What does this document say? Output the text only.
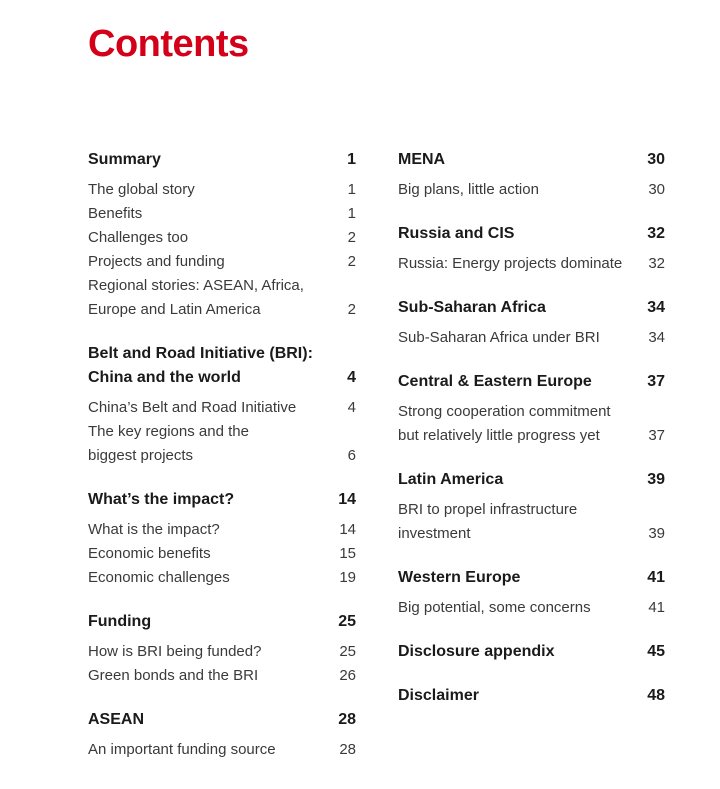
Contents
Summary	1
The global story	1
Benefits	1
Challenges too	2
Projects and funding	2
Regional stories: ASEAN, Africa,
Europe and Latin America	2
Belt and Road Initiative (BRI):
China and the world	4
China’s Belt and Road Initiative	4
The key regions and the
biggest projects	6
What’s the impact?	14
What is the impact?	14
Economic benefits	15
Economic challenges	19
Funding	25
How is BRI being funded?	25
Green bonds and the BRI	26
ASEAN	28
An important funding source	28
MENA	30
Big plans, little action	30
Russia and CIS	32
Russia: Energy projects dominate	32
Sub-Saharan Africa	34
Sub-Saharan Africa under BRI	34
Central & Eastern Europe	37
Strong cooperation commitment
but relatively little progress yet	37
Latin America	39
BRI to propel infrastructure
investment	39
Western Europe	41
Big potential, some concerns	41
Disclosure appendix	45
Disclaimer	48
